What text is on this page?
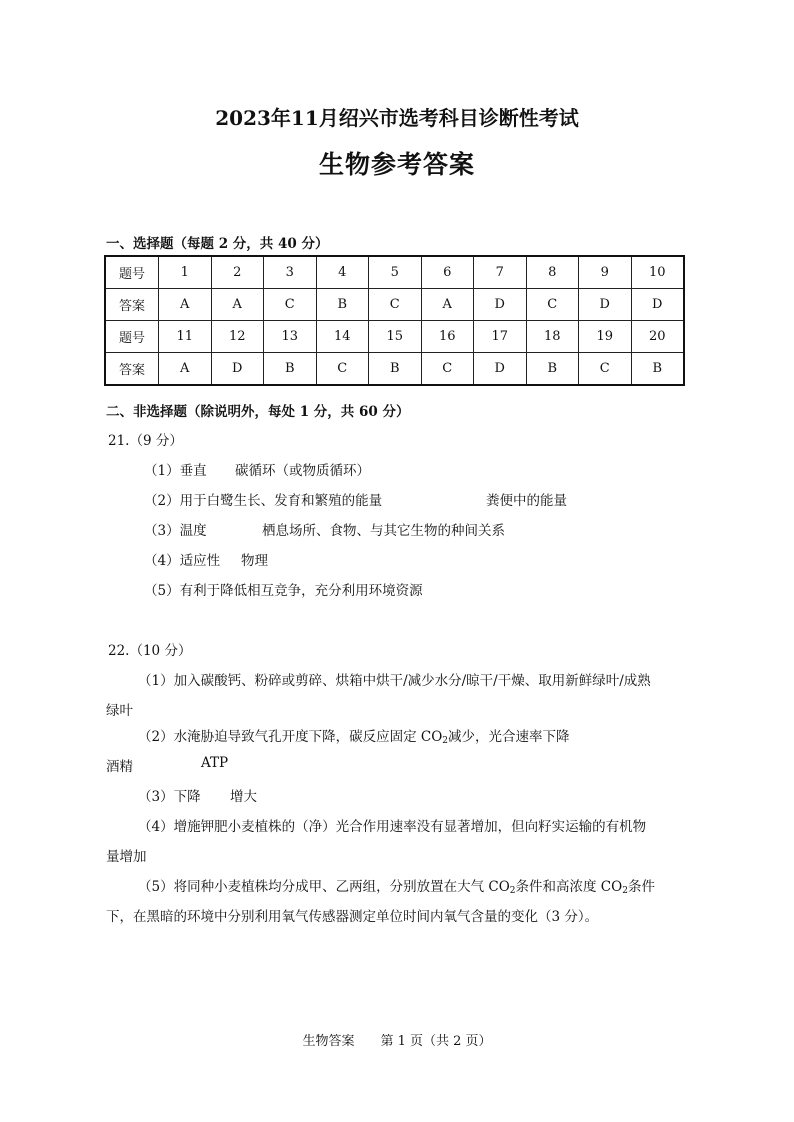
2023年11月绍兴市选考科目诊断性考试
生物参考答案
一、选择题（每题 2 分，共 40 分）
题号	1	2	3	4	5	6	7	8	9	10
答案	A	A	C	B	C	A	D	C	D	D
题号	11	12	13	14	15	16	17	18	19	20
答案	A	D	B	C	B	C	D	B	C	B
二、非选择题（除说明外，每处 1 分，共 60 分）
21.（9 分）
（1）垂直 碳循环（或物质循环）
（2）用于白鹭生长、发育和繁殖的能量	粪便中的能量
（3）温度	栖息场所、食物、与其它生物的种间关系
（4）适应性 物理
（5）有利于降低相互竞争，充分利用环境资源
22.（10 分）
（1）加入碳酸钙、粉碎或剪碎、烘箱中烘干/减少水分/晾干/干燥、取用新鲜绿叶/成熟
绿叶
（2）水淹胁迫导致气孔开度下降，碳反应固定 $CO_2$减少，光合速率下降
酒精	ATP
（3）下降 增大
（4）增施钾肥小麦植株的（净）光合作用速率没有显著增加，但向籽实运输的有机物
量增加
（5）将同种小麦植株均分成甲、乙两组，分别放置在大气 $CO_2$条件和高浓度 $CO_2$条件
下，在黑暗的环境中分别利用氧气传感器测定单位时间内氧气含量的变化（3 分）。
生物答案 第 1 页（共 2 页）
